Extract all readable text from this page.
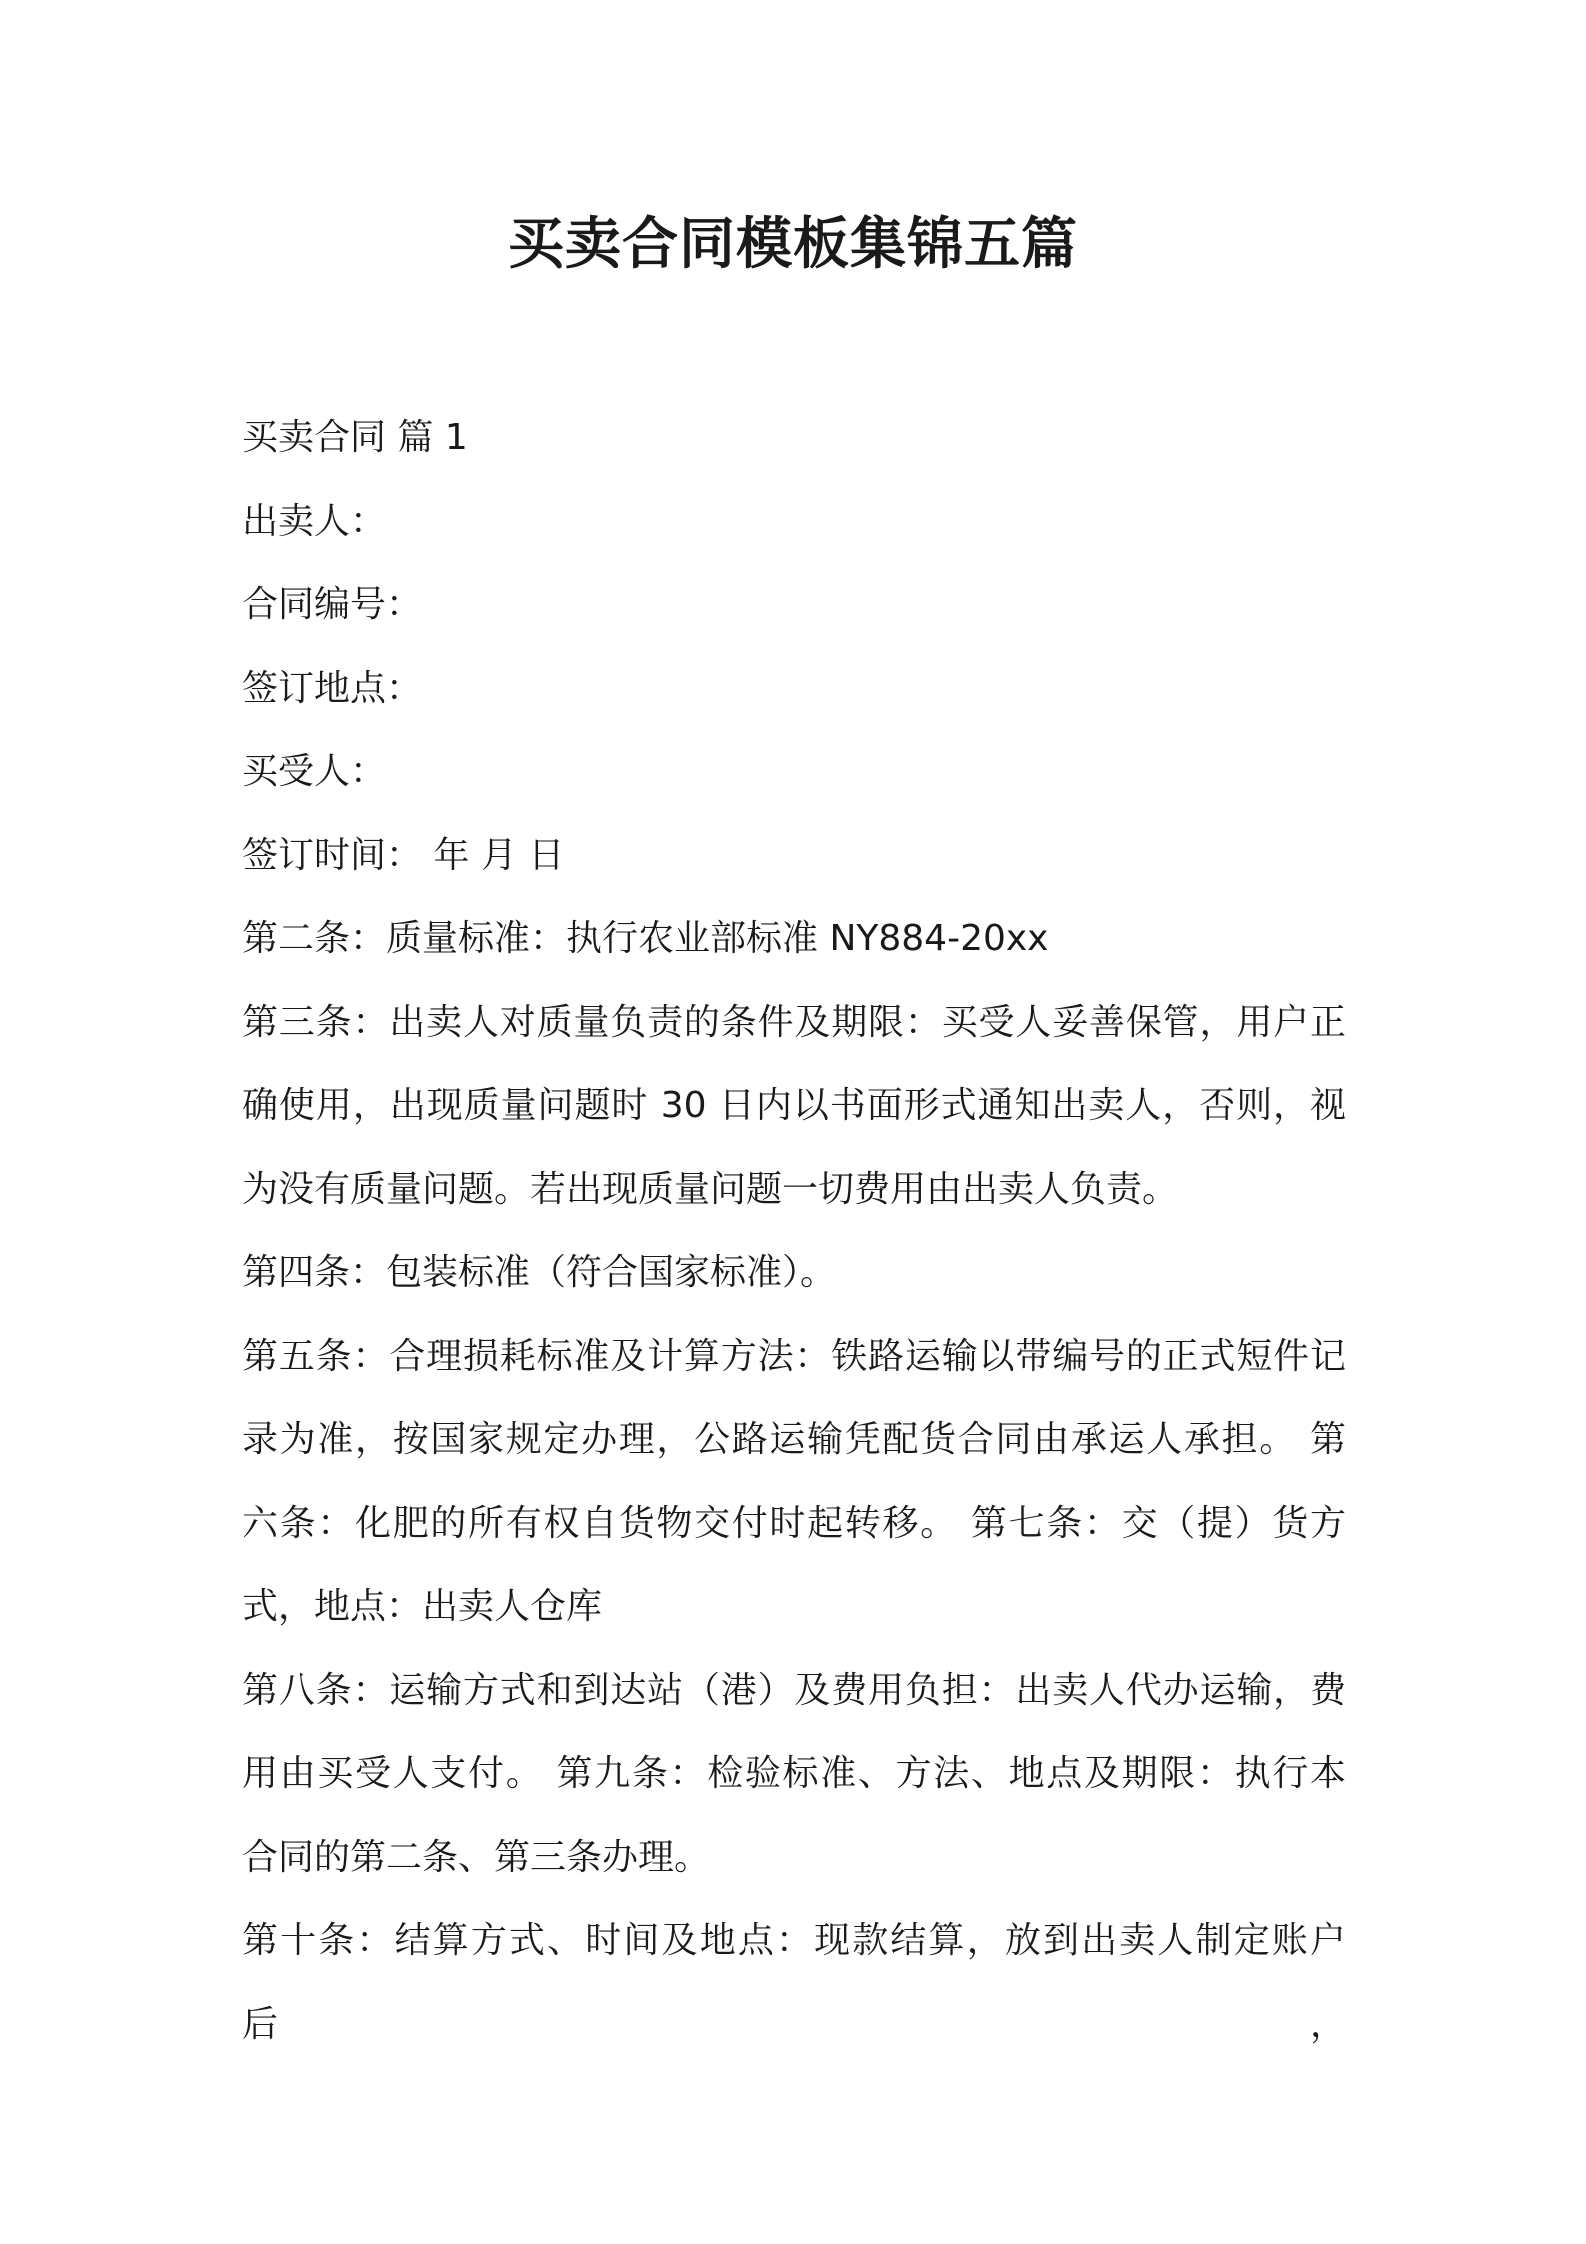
买卖合同模板集锦五篇
买卖合同 篇 1
出卖人：
合同编号：
签订地点：
买受人：
签订时间： 年 月 日
第二条：质量标准：执行农业部标准 NY884-20xx
第三条：出卖人对质量负责的条件及期限：买受人妥善保管，用户正
确使用，出现质量问题时 30 日内以书面形式通知出卖人，否则，视
为没有质量问题。若出现质量问题一切费用由出卖人负责。
第四条：包装标准（符合国家标准）。
第五条：合理损耗标准及计算方法：铁路运输以带编号的正式短件记
录为准，按国家规定办理，公路运输凭配货合同由承运人承担。 第
六条：化肥的所有权自货物交付时起转移。 第七条：交（提）货方
式，地点：出卖人仓库
第八条：运输方式和到达站（港）及费用负担：出卖人代办运输，费
用由买受人支付。 第九条：检验标准、方法、地点及期限：执行本
合同的第二条、第三条办理。
第十条：结算方式、时间及地点：现款结算，放到出卖人制定账户后，
